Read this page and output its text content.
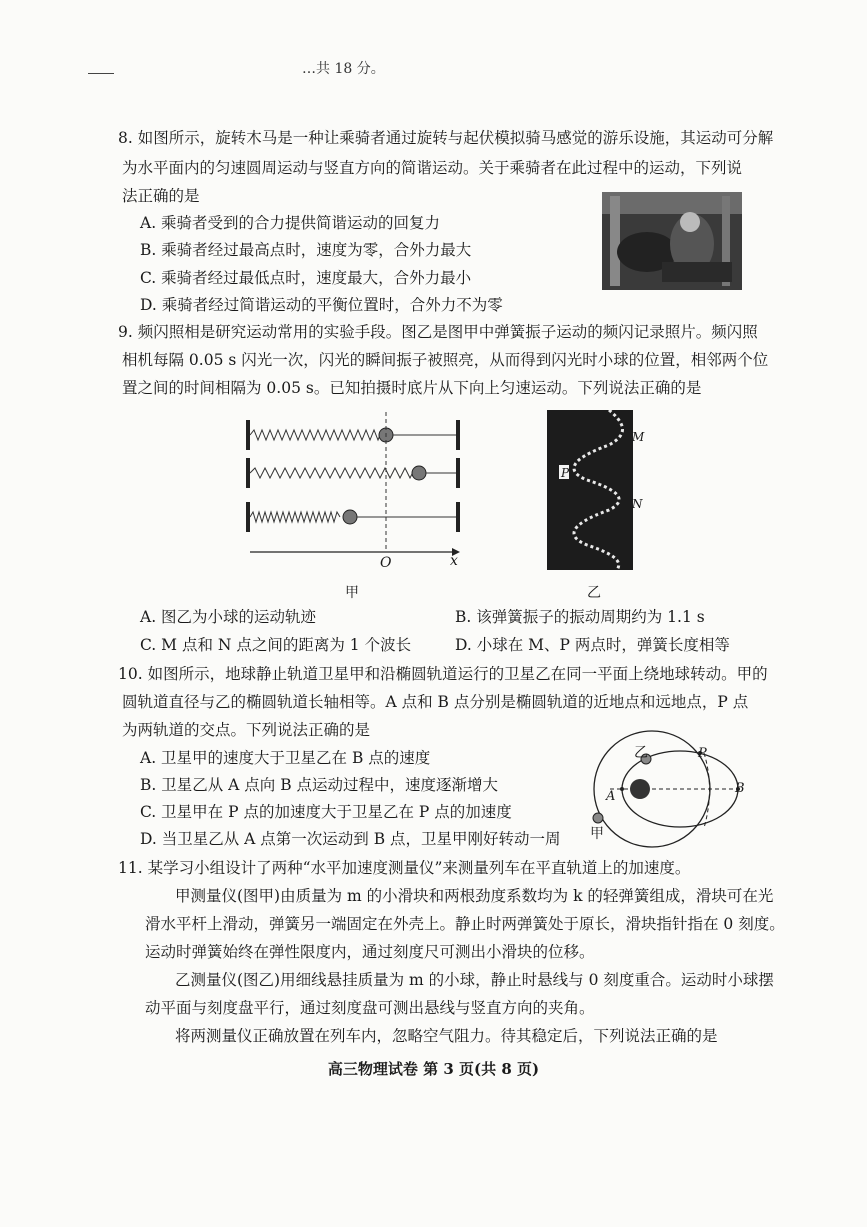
…共 18 分。
8. 如图所示，旋转木马是一种让乘骑者通过旋转与起伏模拟骑马感觉的游乐设施，其运动可分解
为水平面内的匀速圆周运动与竖直方向的简谐运动。关于乘骑者在此过程中的运动，下列说
法正确的是
A. 乘骑者受到的合力提供简谐运动的回复力
B. 乘骑者经过最高点时，速度为零，合外力最大
C. 乘骑者经过最低点时，速度最大，合外力最小
D. 乘骑者经过简谐运动的平衡位置时，合外力不为零
9. 频闪照相是研究运动常用的实验手段。图乙是图甲中弹簧振子运动的频闪记录照片。频闪照
相机每隔 0.05 s 闪光一次，闪光的瞬间振子被照亮，从而得到闪光时小球的位置，相邻两个位
置之间的时间相隔为 0.05 s。已知拍摄时底片从下向上匀速运动。下列说法正确的是
O	x
甲
M
P
N
乙
A. 图乙为小球的运动轨迹	B. 该弹簧振子的振动周期约为 1.1 s
C. M 点和 N 点之间的距离为 1 个波长	D. 小球在 M、P 两点时，弹簧长度相等
10. 如图所示，地球静止轨道卫星甲和沿椭圆轨道运行的卫星乙在同一平面上绕地球转动。甲的
圆轨道直径与乙的椭圆轨道长轴相等。A 点和 B 点分别是椭圆轨道的近地点和远地点，P 点
为两轨道的交点。下列说法正确的是
A. 卫星甲的速度大于卫星乙在 B 点的速度
B. 卫星乙从 A 点向 B 点运动过程中，速度逐渐增大
C. 卫星甲在 P 点的加速度大于卫星乙在 P 点的加速度
D. 当卫星乙从 A 点第一次运动到 B 点，卫星甲刚好转动一周
乙	P
A
B
甲
11. 某学习小组设计了两种“水平加速度测量仪”来测量列车在平直轨道上的加速度。
甲测量仪(图甲)由质量为 m 的小滑块和两根劲度系数均为 k 的轻弹簧组成，滑块可在光
滑水平杆上滑动，弹簧另一端固定在外壳上。静止时两弹簧处于原长，滑块指针指在 0 刻度。
运动时弹簧始终在弹性限度内，通过刻度尺可测出小滑块的位移。
乙测量仪(图乙)用细线悬挂质量为 m 的小球，静止时悬线与 0 刻度重合。运动时小球摆
动平面与刻度盘平行，通过刻度盘可测出悬线与竖直方向的夹角。
将两测量仪正确放置在列车内，忽略空气阻力。待其稳定后，下列说法正确的是
高三物理试卷 第 3 页(共 8 页)
